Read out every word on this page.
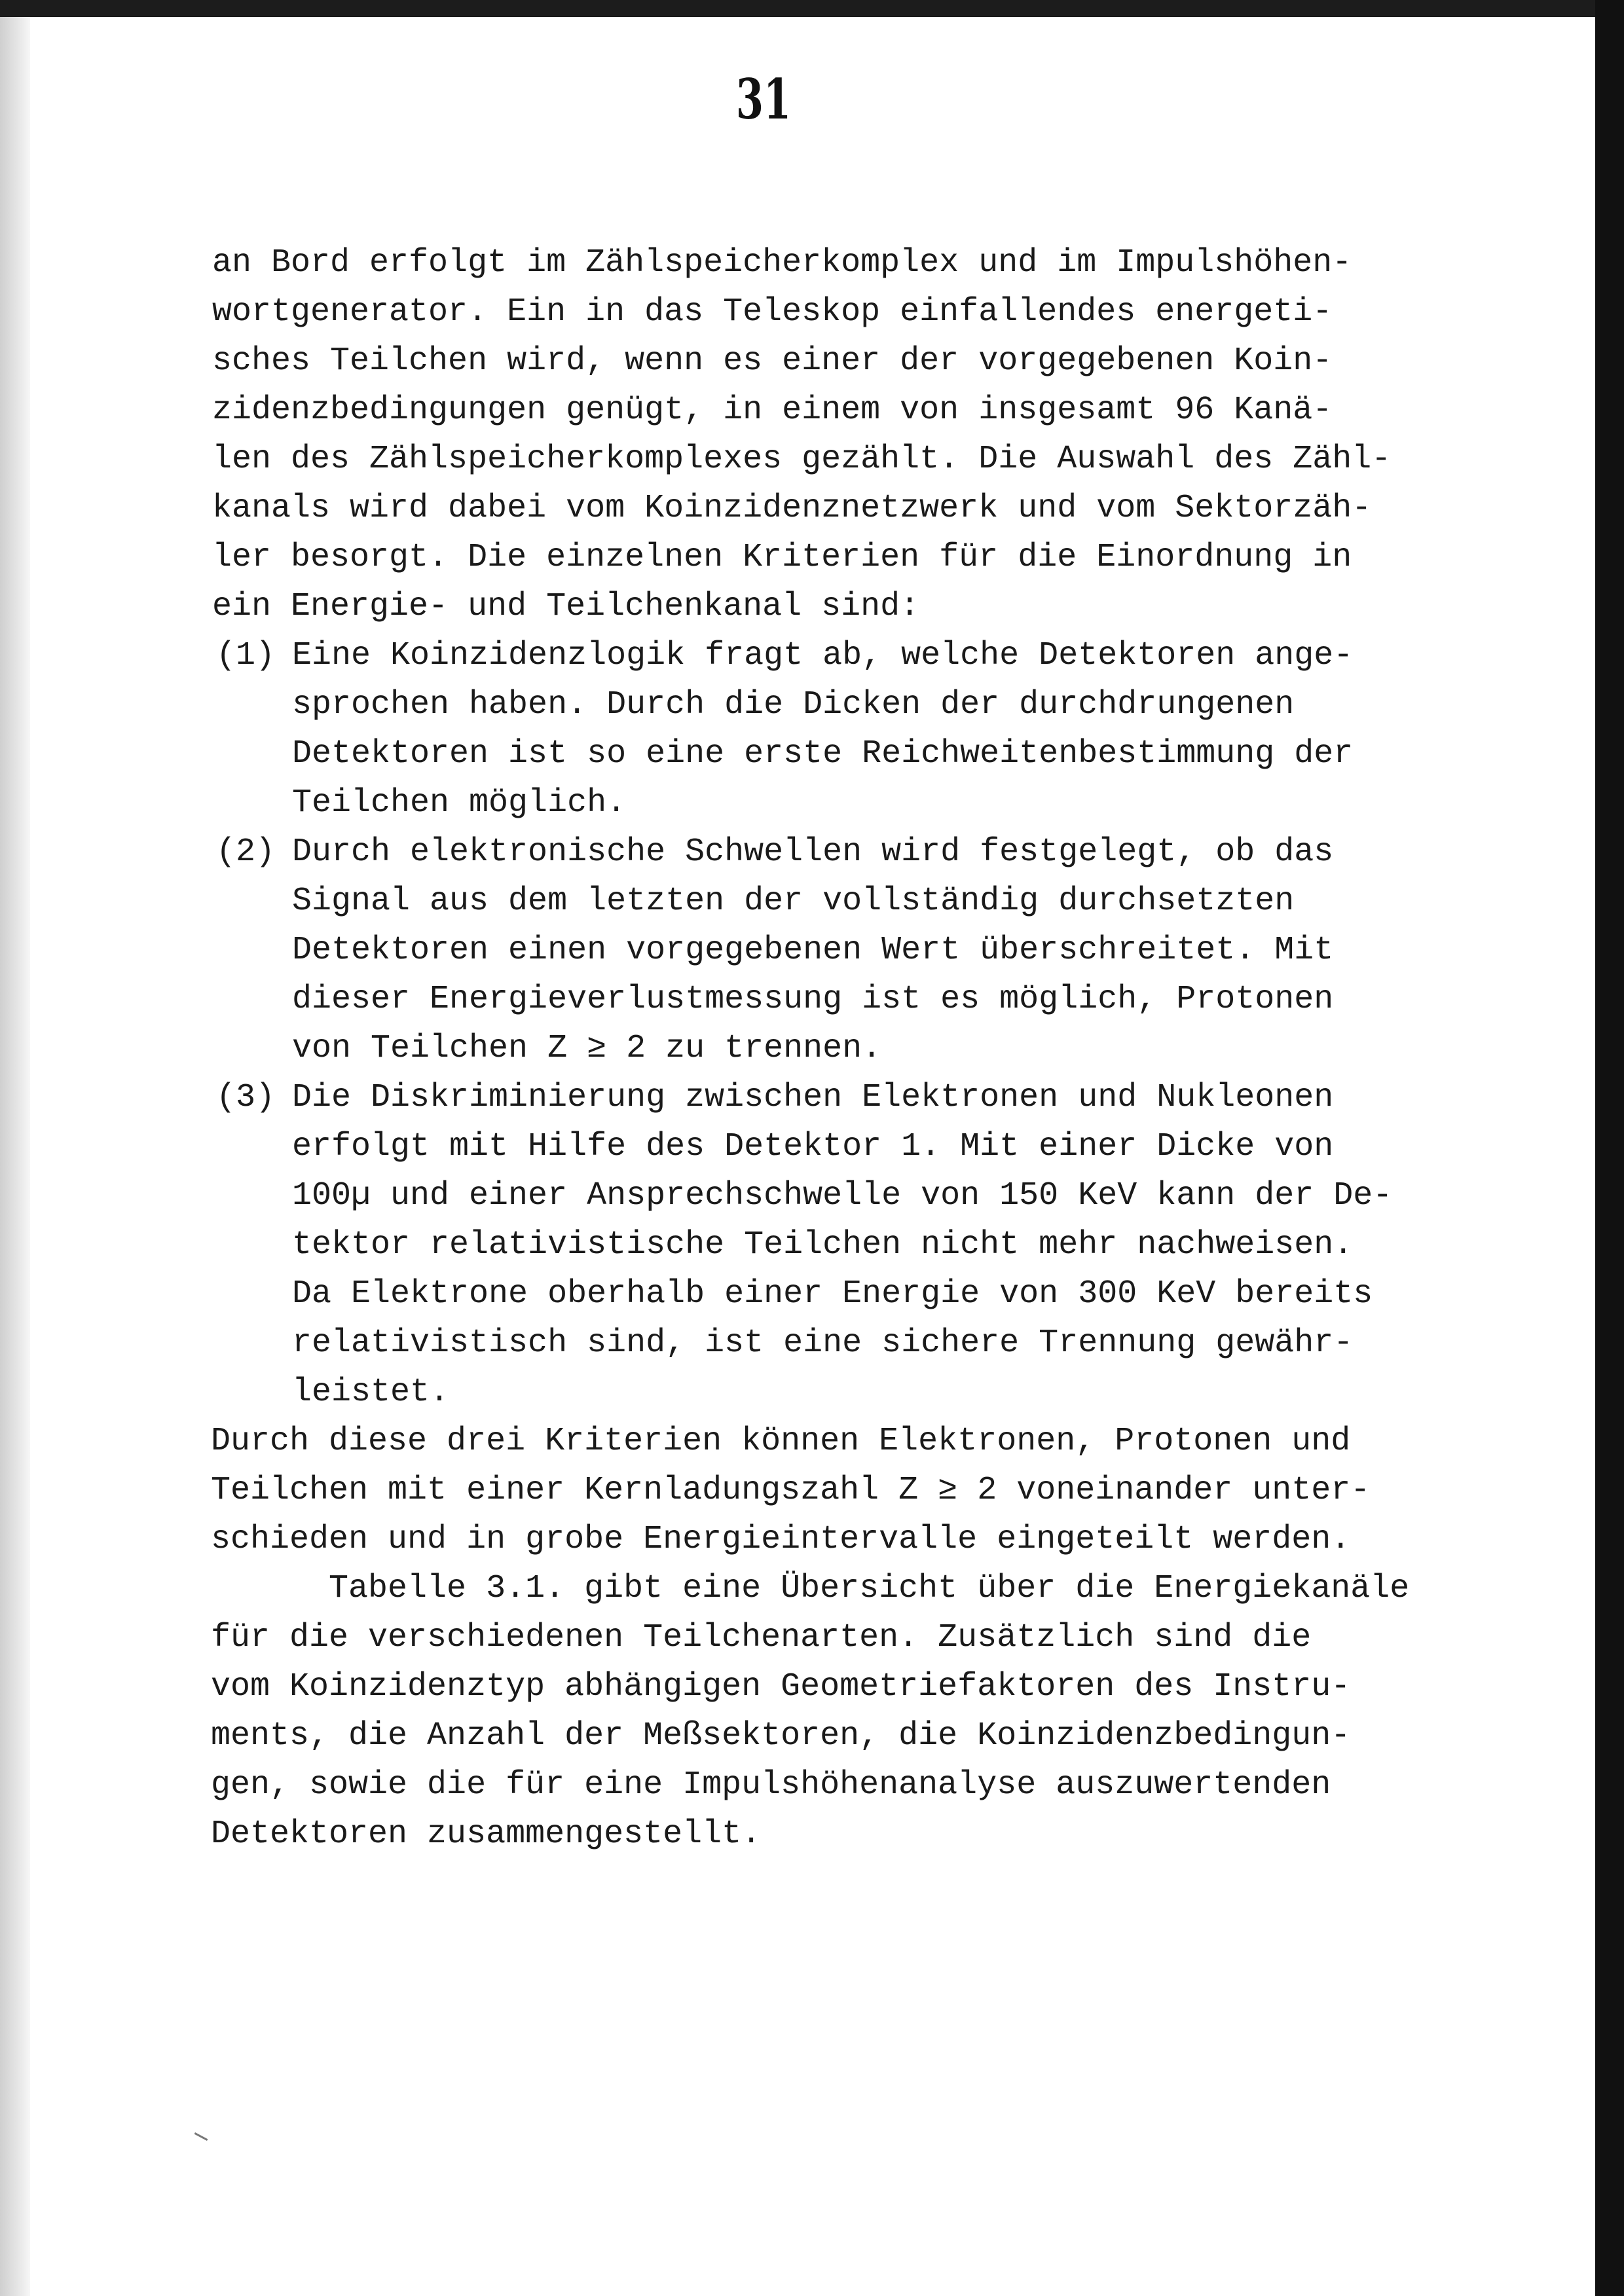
31
an Bord erfolgt im Zählspeicherkomplex und im Impulshöhen-
wortgenerator. Ein in das Teleskop einfallendes energeti-
sches Teilchen wird, wenn es einer der vorgegebenen Koin-
zidenzbedingungen genügt, in einem von insgesamt 96 Kanä-
len des Zählspeicherkomplexes gezählt. Die Auswahl des Zähl-
kanals wird dabei vom Koinzidenznetzwerk und vom Sektorzäh-
ler besorgt. Die einzelnen Kriterien für die Einordnung in
ein Energie- und Teilchenkanal sind:
(1) Eine Koinzidenzlogik fragt ab, welche Detektoren ange-
sprochen haben. Durch die Dicken der durchdrungenen
Detektoren ist so eine erste Reichweitenbestimmung der
Teilchen möglich.
(2) Durch elektronische Schwellen wird festgelegt, ob das
Signal aus dem letzten der vollständig durchsetzten
Detektoren einen vorgegebenen Wert überschreitet. Mit
dieser Energieverlustmessung ist es möglich, Protonen
von Teilchen Z ≥ 2 zu trennen.
(3) Die Diskriminierung zwischen Elektronen und Nukleonen
erfolgt mit Hilfe des Detektor 1. Mit einer Dicke von
100µ und einer Ansprechschwelle von 150 KeV kann der De-
tektor relativistische Teilchen nicht mehr nachweisen.
Da Elektrone oberhalb einer Energie von 300 KeV bereits
relativistisch sind, ist eine sichere Trennung gewähr-
leistet.
Durch diese drei Kriterien können Elektronen, Protonen und
Teilchen mit einer Kernladungszahl Z ≥ 2 voneinander unter-
schieden und in grobe Energieintervalle eingeteilt werden.
Tabelle 3.1. gibt eine Übersicht über die Energiekanäle
für die verschiedenen Teilchenarten. Zusätzlich sind die
vom Koinzidenztyp abhängigen Geometriefaktoren des Instru-
ments, die Anzahl der Meßsektoren, die Koinzidenzbedingun-
gen, sowie die für eine Impulshöhenanalyse auszuwertenden
Detektoren zusammengestellt.
